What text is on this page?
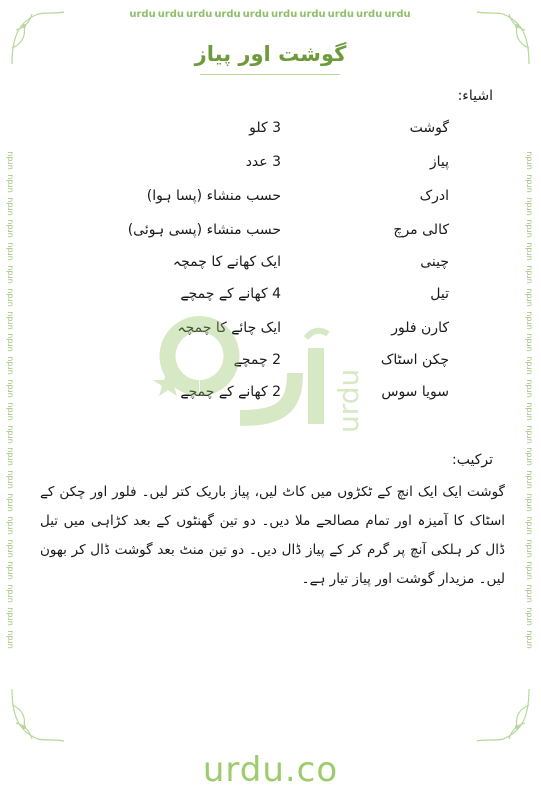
urdu urdu urdu urdu urdu urdu urdu urdu urdu urdu
urdu
urdu
urdu
urdu
urdu
urdu
urdu
urdu
urdu
urdu
urdu
urdu
urdu
urdu
urdu
urdu
urdu
urdu
urdu
urdu
urdu
urdu
urdu
urdu
urdu
urdu
urdu
urdu
urdu
urdu
urdu
urdu
urdu
urdu
urdu
urdu
urdu
urdu
urdu
urdu
urdu
urdu
urdu
urdu
گوشت اور پیاز
اشیاء:
گوشت
3 کلو
پیاز
3 عدد
ادرک
حسب منشاء (پسا ہوا)
کالی مرچ
حسب منشاء (پسی ہوئی)
چینی
ایک کھانے کا چمچہ
تیل
4 کھانے کے چمچے
کارن فلور
ایک چائے کا چمچہ
چکن اسٹاک
2 چمچے
سویا سوس
2 کھانے کے چمچے urdu
ترکیب:
گوشت ایک ایک انچ کے ٹکڑوں میں کاٹ لیں، پیاز باریک کتر لیں۔ فلور اور چکن کے اسٹاک کا آمیزہ اور تمام مصالحے ملا دیں۔ دو تین گھنٹوں کے بعد کڑاہی میں تیل ڈال کر ہلکی آنچ پر گرم کر کے پیاز ڈال دیں۔ دو تین منٹ بعد گوشت ڈال کر بھون لیں۔ مزیدار گوشت اور پیاز تیار ہے۔
urdu.co
